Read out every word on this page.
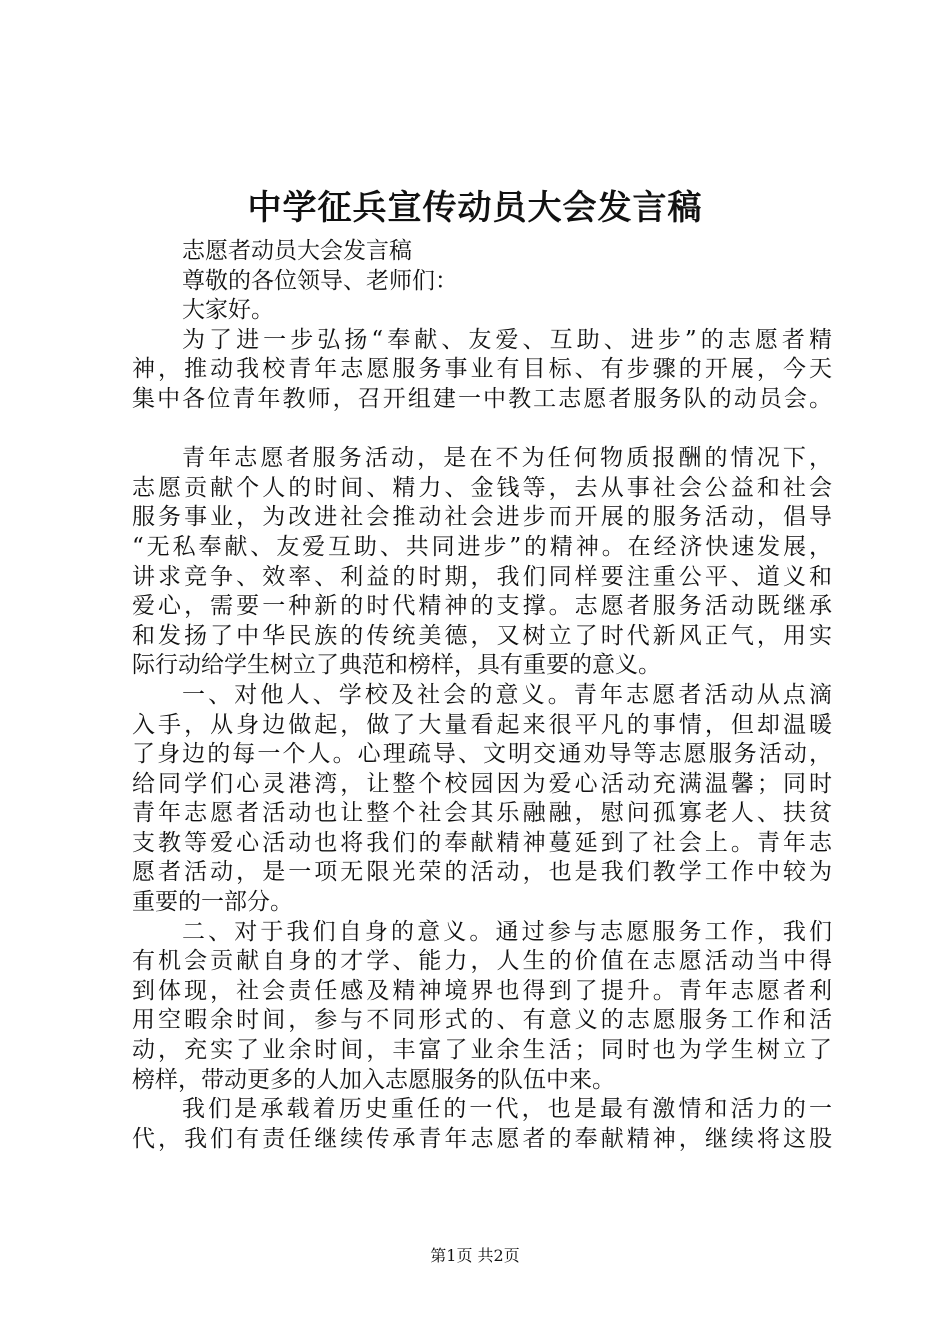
中学征兵宣传动员大会发言稿
志愿者动员大会发言稿
尊敬的各位领导、老师们：
大家好。
为了进一步弘扬“奉献、友爱、互助、进步”的志愿者精
神，推动我校青年志愿服务事业有目标、有步骤的开展，今天
集中各位青年教师，召开组建一中教工志愿者服务队的动员会。
青年志愿者服务活动，是在不为任何物质报酬的情况下，
志愿贡献个人的时间、精力、金钱等，去从事社会公益和社会
服务事业，为改进社会推动社会进步而开展的服务活动，倡导
“无私奉献、友爱互助、共同进步”的精神。在经济快速发展，
讲求竞争、效率、利益的时期，我们同样要注重公平、道义和
爱心，需要一种新的时代精神的支撑。志愿者服务活动既继承
和发扬了中华民族的传统美德，又树立了时代新风正气，用实
际行动给学生树立了典范和榜样，具有重要的意义。
一、对他人、学校及社会的意义。青年志愿者活动从点滴
入手，从身边做起，做了大量看起来很平凡的事情，但却温暖
了身边的每一个人。心理疏导、文明交通劝导等志愿服务活动，
给同学们心灵港湾，让整个校园因为爱心活动充满温馨；同时
青年志愿者活动也让整个社会其乐融融，慰问孤寡老人、扶贫
支教等爱心活动也将我们的奉献精神蔓延到了社会上。青年志
愿者活动，是一项无限光荣的活动，也是我们教学工作中较为
重要的一部分。
二、对于我们自身的意义。通过参与志愿服务工作，我们
有机会贡献自身的才学、能力，人生的价值在志愿活动当中得
到体现，社会责任感及精神境界也得到了提升。青年志愿者利
用空暇余时间，参与不同形式的、有意义的志愿服务工作和活
动，充实了业余时间，丰富了业余生活；同时也为学生树立了
榜样，带动更多的人加入志愿服务的队伍中来。
我们是承载着历史重任的一代，也是最有激情和活力的一
代，我们有责任继续传承青年志愿者的奉献精神，继续将这股
第1页 共2页
